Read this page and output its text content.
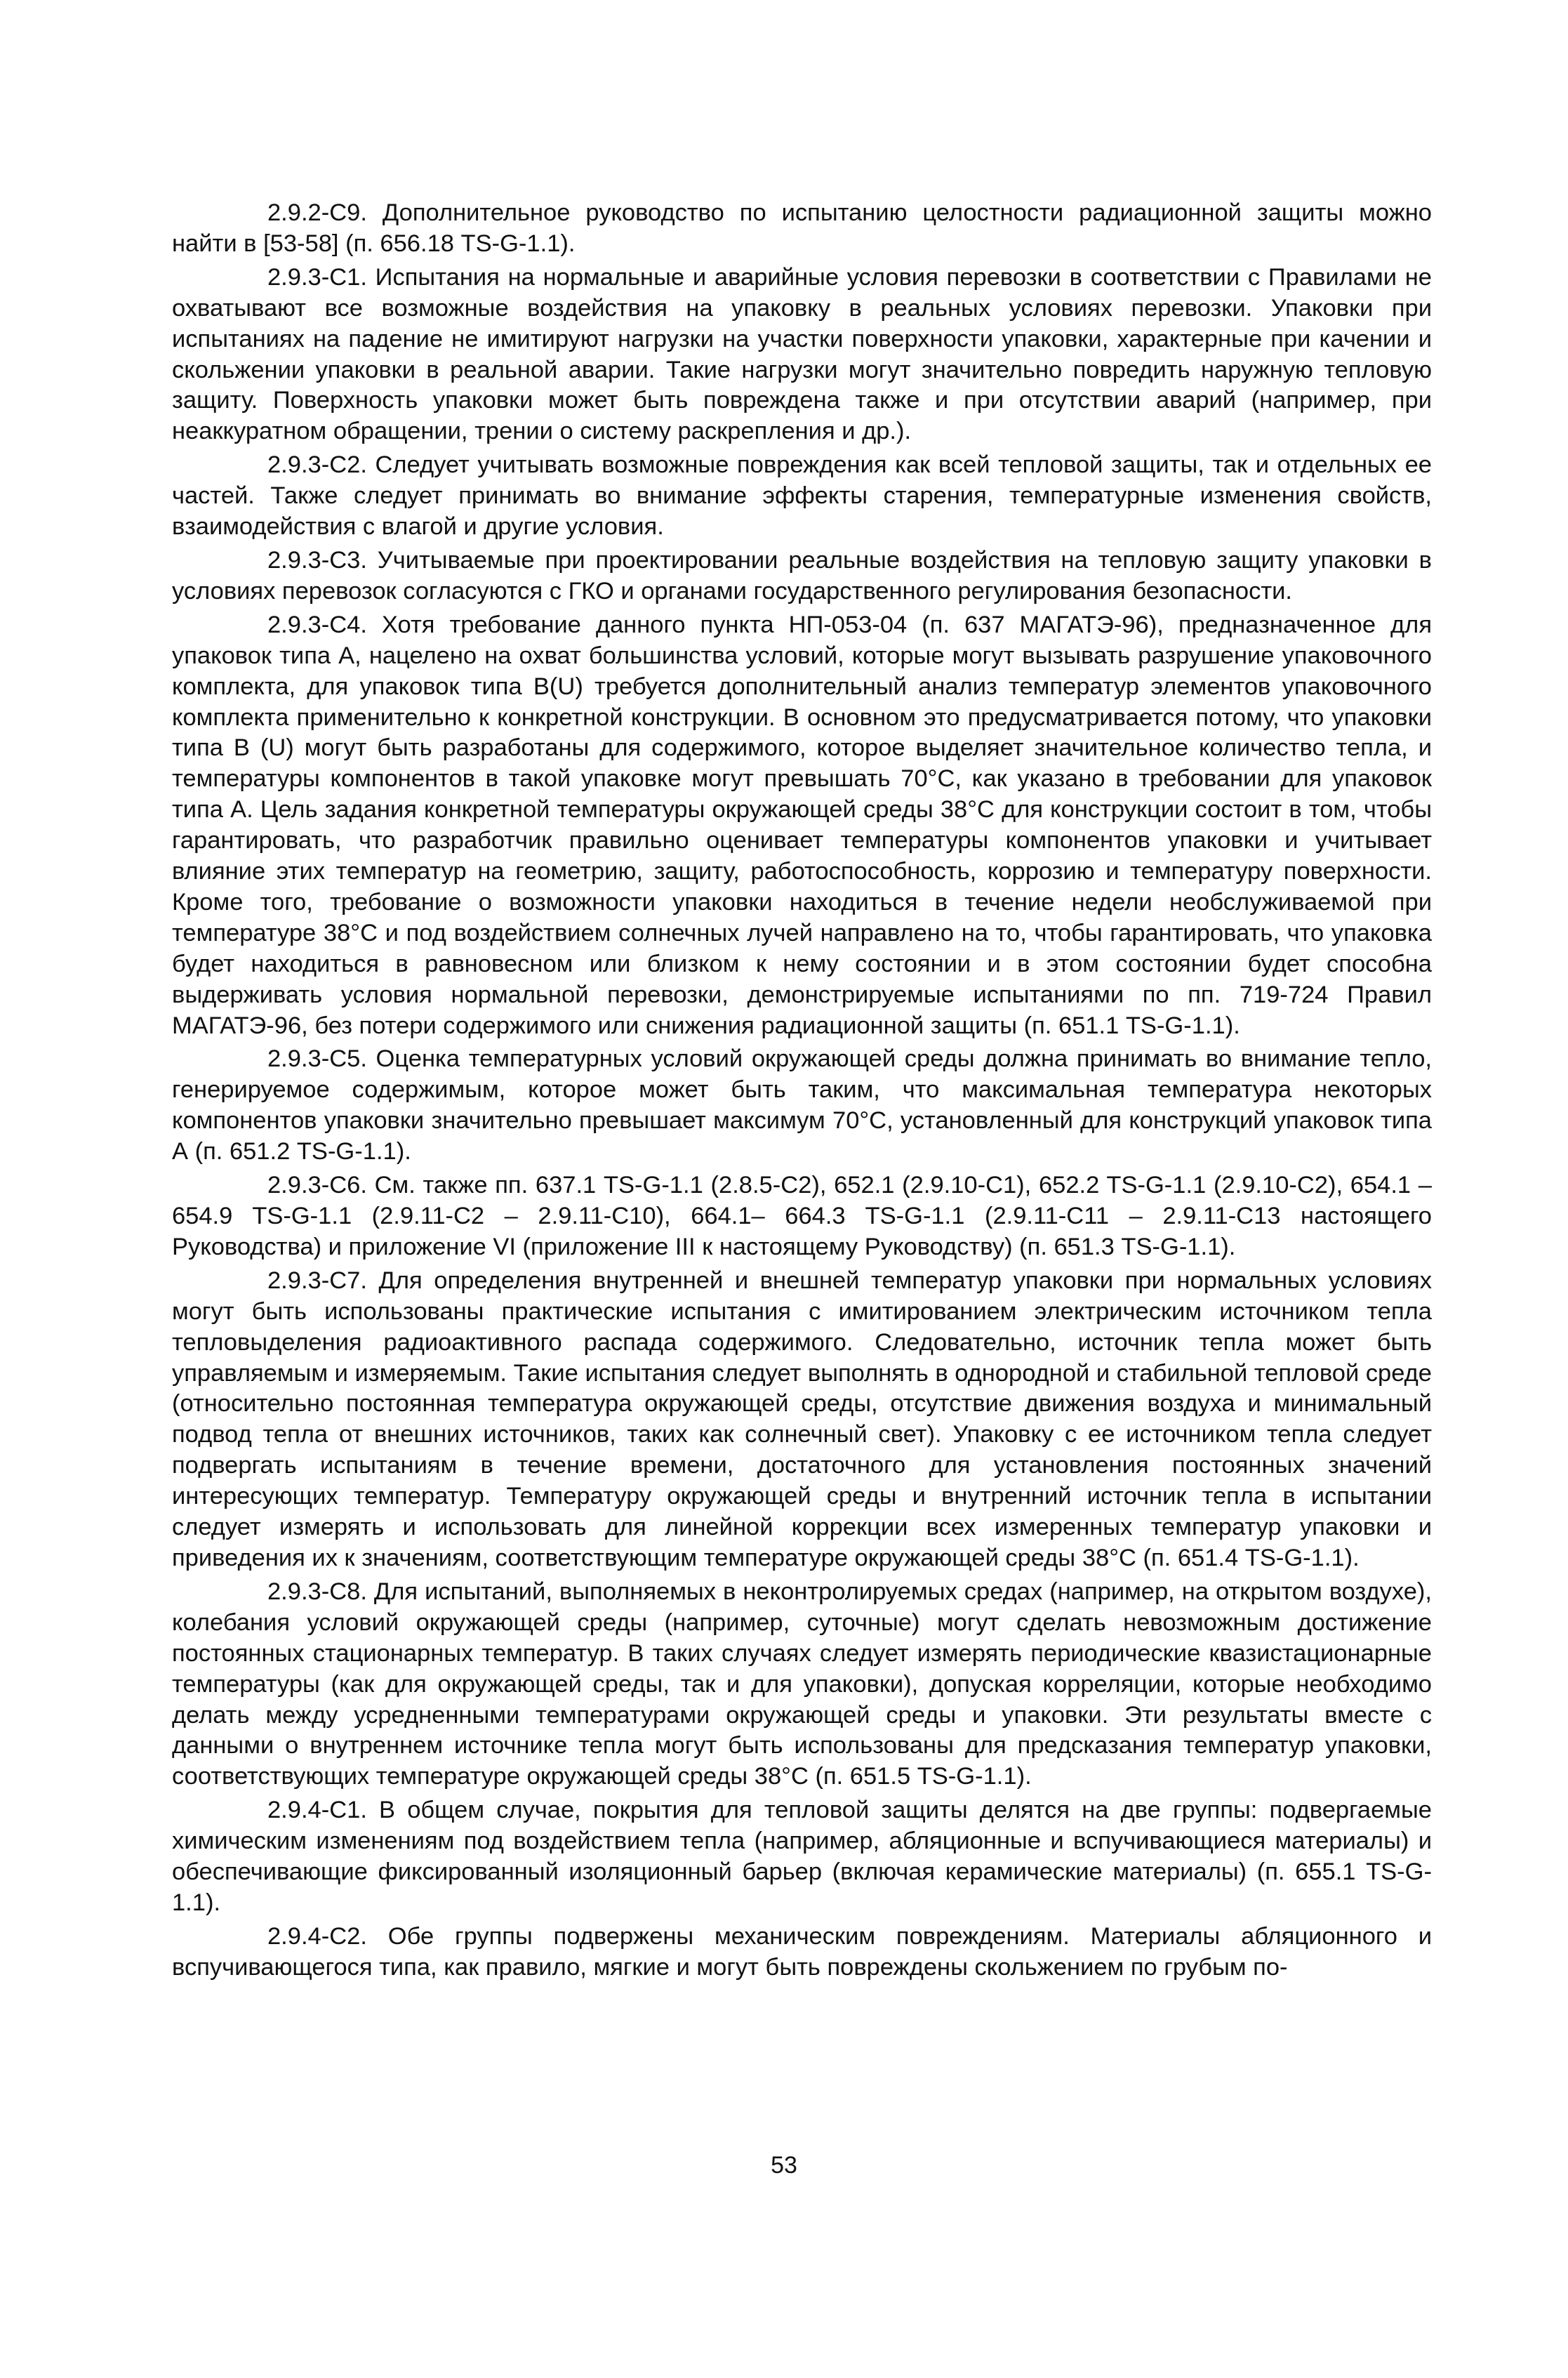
2.9.2-С9. Дополнительное руководство по испытанию целостности радиационной защиты можно найти в [53-58] (п. 656.18 TS-G-1.1).

2.9.3-С1. Испытания на нормальные и аварийные условия перевозки в соответствии с Правилами не охватывают все возможные воздействия на упаковку в реальных условиях перевозки. Упаковки при испытаниях на падение не имитируют нагрузки на участки поверхности упаковки, характерные при качении и скольжении упаковки в реальной аварии. Такие нагрузки могут значительно повредить наружную тепловую защиту. Поверхность упаковки может быть повреждена также и при отсутствии аварий (например, при неаккуратном обращении, трении о систему раскрепления и др.).

2.9.3-С2. Следует учитывать возможные повреждения как всей тепловой защиты, так и отдельных ее частей. Также следует принимать во внимание эффекты старения, температурные изменения свойств, взаимодействия с влагой и другие условия.

2.9.3-С3. Учитываемые при проектировании реальные воздействия на тепловую защиту упаковки в условиях перевозок согласуются с ГКО и органами государственного регулирования безопасности.

2.9.3-С4. Хотя требование данного пункта НП-053-04 (п. 637 МАГАТЭ-96), предназначенное для упаковок типа А, нацелено на охват большинства условий, которые могут вызывать разрушение упаковочного комплекта, для упаковок типа В(U) требуется дополнительный анализ температур элементов упаковочного комплекта применительно к конкретной конструкции. В основном это предусматривается потому, что упаковки типа В (U) могут быть разработаны для содержимого, которое выделяет значительное количество тепла, и температуры компонентов в такой упаковке могут превышать 70°С, как указано в требовании для упаковок типа А. Цель задания конкретной температуры окружающей среды 38°С для конструкции состоит в том, чтобы гарантировать, что разработчик правильно оценивает температуры компонентов упаковки и учитывает влияние этих температур на геометрию, защиту, работоспособность, коррозию и температуру поверхности. Кроме того, требование о возможности упаковки находиться в течение недели необслуживаемой при температуре 38°С и под воздействием солнечных лучей направлено на то, чтобы гарантировать, что упаковка будет находиться в равновесном или близком к нему состоянии и в этом состоянии будет способна выдерживать условия нормальной перевозки, демонстрируемые испытаниями по пп. 719-724 Правил МАГАТЭ-96, без потери содержимого или снижения радиационной защиты (п. 651.1 TS-G-1.1).

2.9.3-С5. Оценка температурных условий окружающей среды должна принимать во внимание тепло, генерируемое содержимым, которое может быть таким, что максимальная температура некоторых компонентов упаковки значительно превышает максимум 70°С, установленный для конструкций упаковок типа А (п. 651.2 TS-G-1.1).

2.9.3-С6. См. также пп. 637.1 TS-G-1.1 (2.8.5-С2), 652.1 (2.9.10-С1), 652.2 TS-G-1.1 (2.9.10-С2), 654.1 – 654.9 TS-G-1.1 (2.9.11-С2 – 2.9.11-С10), 664.1– 664.3 TS-G-1.1 (2.9.11-С11 – 2.9.11-С13 настоящего Руководства) и приложение VI (приложение III к настоящему Руководству) (п. 651.3 TS-G-1.1).

2.9.3-С7. Для определения внутренней и внешней температур упаковки при нормальных условиях могут быть использованы практические испытания с имитированием электрическим источником тепла тепловыделения радиоактивного распада содержимого. Следовательно, источник тепла может быть управляемым и измеряемым. Такие испытания следует выполнять в однородной и стабильной тепловой среде (относительно постоянная температура окружающей среды, отсутствие движения воздуха и минимальный подвод тепла от внешних источников, таких как солнечный свет). Упаковку с ее источником тепла следует подвергать испытаниям в течение времени, достаточного для установления постоянных значений интересующих температур. Температуру окружающей среды и внутренний источник тепла в испытании следует измерять и использовать для линейной коррекции всех измеренных температур упаковки и приведения их к значениям, соответствующим температуре окружающей среды 38°С (п. 651.4 TS-G-1.1).

2.9.3-С8. Для испытаний, выполняемых в неконтролируемых средах (например, на открытом воздухе), колебания условий окружающей среды (например, суточные) могут сделать невозможным достижение постоянных стационарных температур. В таких случаях следует измерять периодические квазистационарные температуры (как для окружающей среды, так и для упаковки), допуская корреляции, которые необходимо делать между усредненными температурами окружающей среды и упаковки. Эти результаты вместе с данными о внутреннем источнике тепла могут быть использованы для предсказания температур упаковки, соответствующих температуре окружающей среды 38°С (п. 651.5 TS-G-1.1).

2.9.4-С1. В общем случае, покрытия для тепловой защиты делятся на две группы: подвергаемые химическим изменениям под воздействием тепла (например, абляционные и вспучивающиеся материалы) и обеспечивающие фиксированный изоляционный барьер (включая керамические материалы) (п. 655.1 TS-G-1.1).

2.9.4-С2. Обе группы подвержены механическим повреждениям. Материалы абляционного и вспучивающегося типа, как правило, мягкие и могут быть повреждены скольжением по грубым по-

53
